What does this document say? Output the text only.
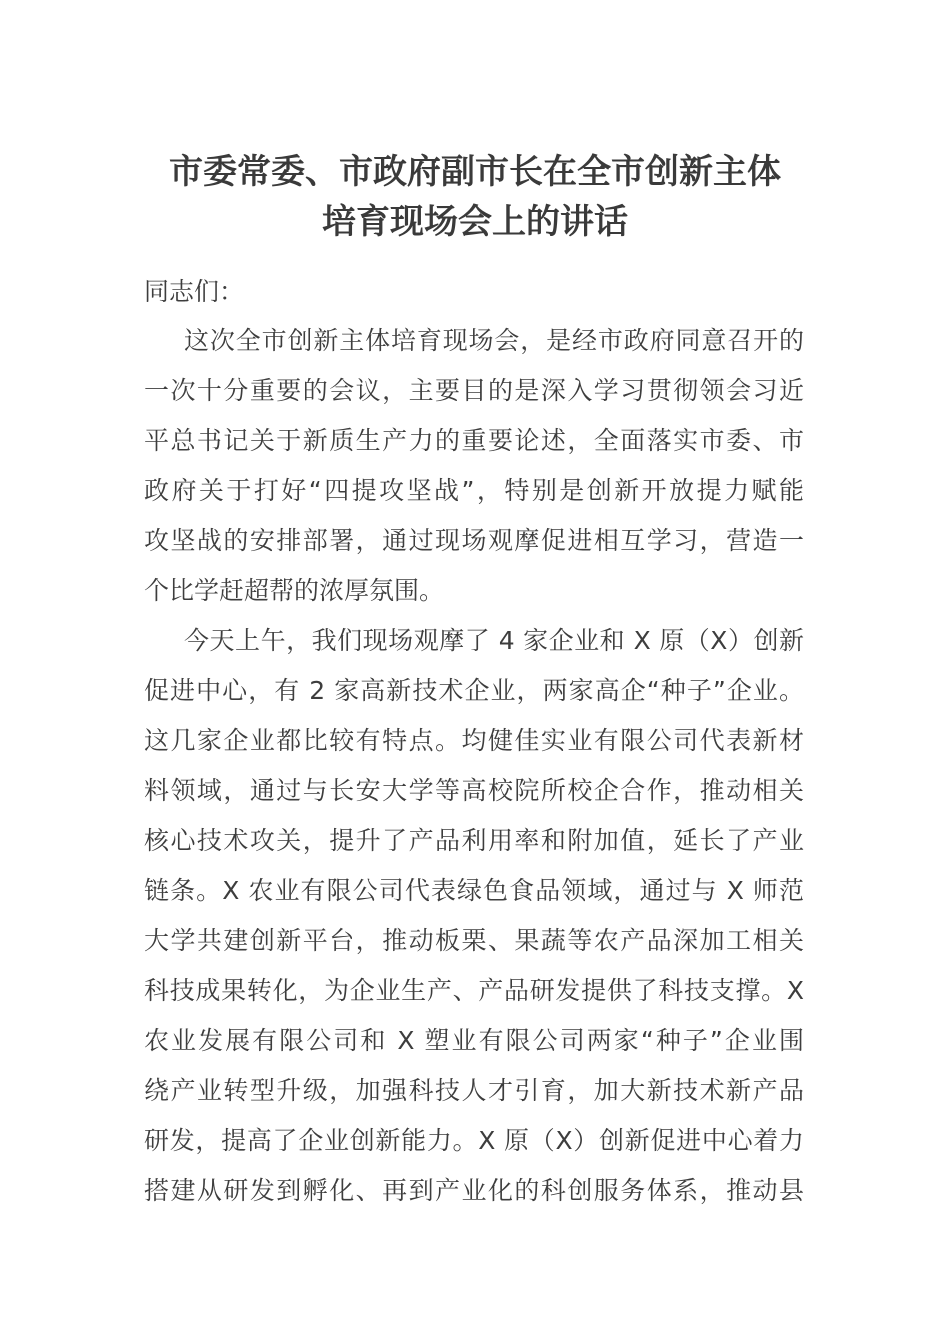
市委常委、市政府副市长在全市创新主体
培育现场会上的讲话
同志们：
这次全市创新主体培育现场会，是经市政府同意召开的
一次十分重要的会议，主要目的是深入学习贯彻领会习近
平总书记关于新质生产力的重要论述，全面落实市委、市
政府关于打好“四提攻坚战”，特别是创新开放提力赋能
攻坚战的安排部署，通过现场观摩促进相互学习，营造一
个比学赶超帮的浓厚氛围。
今天上午，我们现场观摩了 4 家企业和 X 原（X）创新
促进中心，有 2 家高新技术企业，两家高企“种子”企业。
这几家企业都比较有特点。均健佳实业有限公司代表新材
料领域，通过与长安大学等高校院所校企合作，推动相关
核心技术攻关，提升了产品利用率和附加值，延长了产业
链条。X 农业有限公司代表绿色食品领域，通过与 X 师范
大学共建创新平台，推动板栗、果蔬等农产品深加工相关
科技成果转化，为企业生产、产品研发提供了科技支撑。X
农业发展有限公司和 X 塑业有限公司两家“种子”企业围
绕产业转型升级，加强科技人才引育，加大新技术新产品
研发，提高了企业创新能力。X 原（X）创新促进中心着力
搭建从研发到孵化、再到产业化的科创服务体系，推动县
